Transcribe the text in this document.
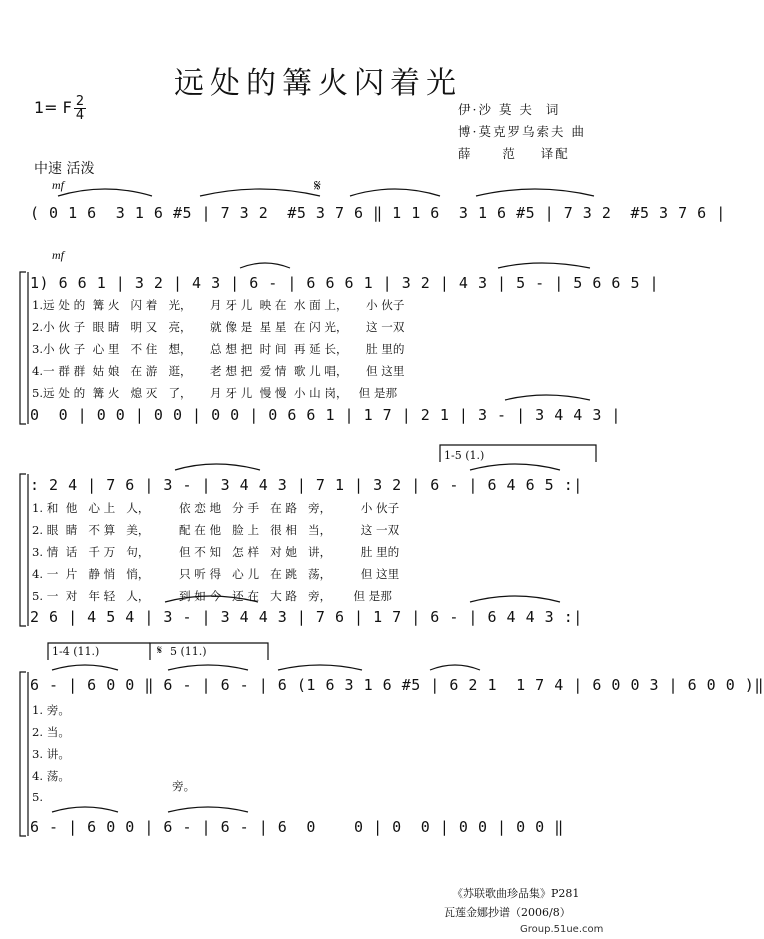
远处的篝火闪着光
1= F 2
4	伊·沙 莫 夫  词
博·莫克罗乌索夫 曲
薛     范    译配
中速 活泼
mf	𝄋
( 0 1 6  3 1 6 #5 | 7 3 2  #5 3 7 6 ‖ 1 1 6  3 1 6 #5 | 7 3 2  #5 3 7 6 |
mf
1) 6 6 1 | 3 2 | 4 3 | 6 - | 6 6 6 1 | 3 2 | 4 3 | 5 - | 5 6 6 5 |
1.远 处 的  篝 火   闪 着   光，     月 牙 儿  映 在  水 面 上，     小 伙子
2.小 伙 子  眼 睛   明 又   亮，     就 像 是  星 星  在 闪 光，     这 一双
3.小 伙 子  心 里   不 住   想，     总 想 把  时 间  再 延 长，     肚 里的
4.一 群 群  姑 娘   在 游   逛，     老 想 把  爱 情  歌 儿 唱，     但 这里
5.远 处 的  篝 火   熄 灭   了，     月 牙 儿  慢 慢  小 山 岗，   但 是那
0  0 | 0 0 | 0 0 | 0 0 | 0 6 6 1 | 1 7 | 2 1 | 3 - | 3 4 4 3 |
1-5 (1.)
: 2 4 | 7 6 | 3 - | 3 4 4 3 | 7 1 | 3 2 | 6 - | 6 4 6 5 :|
1. 和  他   心 上   人，        依 恋 地   分 手   在 路   旁，        小 伙子
2. 眼  睛   不 算   美，        配 在 他   脸 上   很 相   当，        这 一双
3. 情  话   千 万   句，        但 不 知   怎 样   对 她   讲，        肚 里的
4. 一  片   静 悄   悄，        只 听 得   心 儿   在 跳   荡，        但 这里
5. 一  对   年 轻   人，        到 如 今   还 在   大 路   旁，      但 是那
2 6 | 4 5 4 | 3 - | 3 4 4 3 | 7 6 | 1 7 | 6 - | 6 4 4 3 :|
1-4 (11.)	5 (11.)
𝄋
6 - | 6 0 0 ‖ 6 - | 6 - | 6 (1 6 3 1 6 #5 | 6 2 1  1 7 4 | 6 0 0 3 | 6 0 0 )‖
1. 旁。
2. 当。
3. 讲。
4. 荡。
5.
旁。
6 - | 6 0 0 | 6 - | 6 - | 6  0    0 | 0  0 | 0 0 | 0 0 ‖
《苏联歌曲珍品集》P281
瓦莲金娜抄谱（2006/8）
Group.51ue.com
